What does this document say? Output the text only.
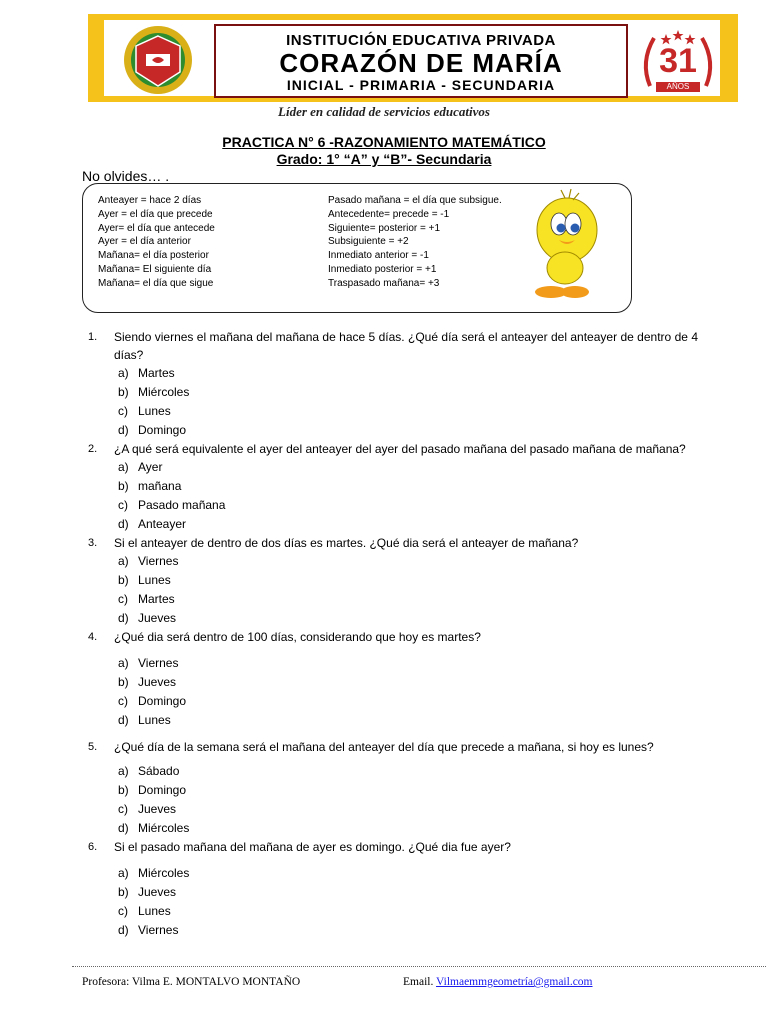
INSTITUCIÓN EDUCATIVA PRIVADA
CORAZÓN DE MARÍA
INICIAL - PRIMARIA - SECUNDARIA
31
AÑOS
Líder en calidad de servicios educativos
PRACTICA N° 6 -RAZONAMIENTO MATEMÁTICO
Grado: 1° “A” y “B”- Secundaria
No olvides… .
Anteayer = hace 2 días
Ayer = el día que precede
Ayer= el día que antecede
Ayer = el día anterior
Mañana= el día posterior
Mañana= El siguiente día
Mañana= el día que sigue
Pasado mañana = el día que subsigue.
Antecedente= precede = -1
Siguiente= posterior = +1
Subsiguiente = +2
Inmediato anterior = -1
Inmediato posterior = +1
Traspasado mañana= +3
1.	Siendo viernes el mañana del mañana de hace 5 días. ¿Qué día será el anteayer del anteayer de dentro de 4 días?
a) Martes
b) Miércoles
c) Lunes
d) Domingo
2.	¿A qué será equivalente el ayer del anteayer del ayer del pasado mañana del pasado mañana de mañana?
a) Ayer
b) mañana
c) Pasado mañana
d) Anteayer
3.	Si el anteayer de dentro de dos días es martes. ¿Qué dia será el anteayer de mañana?
a) Viernes
b) Lunes
c) Martes
d) Jueves
4.	¿Qué dia será dentro de 100 días, considerando que hoy es martes?
a) Viernes
b) Jueves
c) Domingo
d) Lunes
5.	¿Qué día de la semana será el mañana del anteayer del día que precede a mañana, si hoy es lunes?
a) Sábado
b) Domingo
c) Jueves
d) Miércoles
6.	Si el pasado mañana del mañana de ayer es domingo. ¿Qué dia fue ayer?
a) Miércoles
b) Jueves
c) Lunes
d) Viernes
Profesora: Vilma E. MONTALVO MONTAÑO	Email. Vilmaemmgeometría@gmail.com
